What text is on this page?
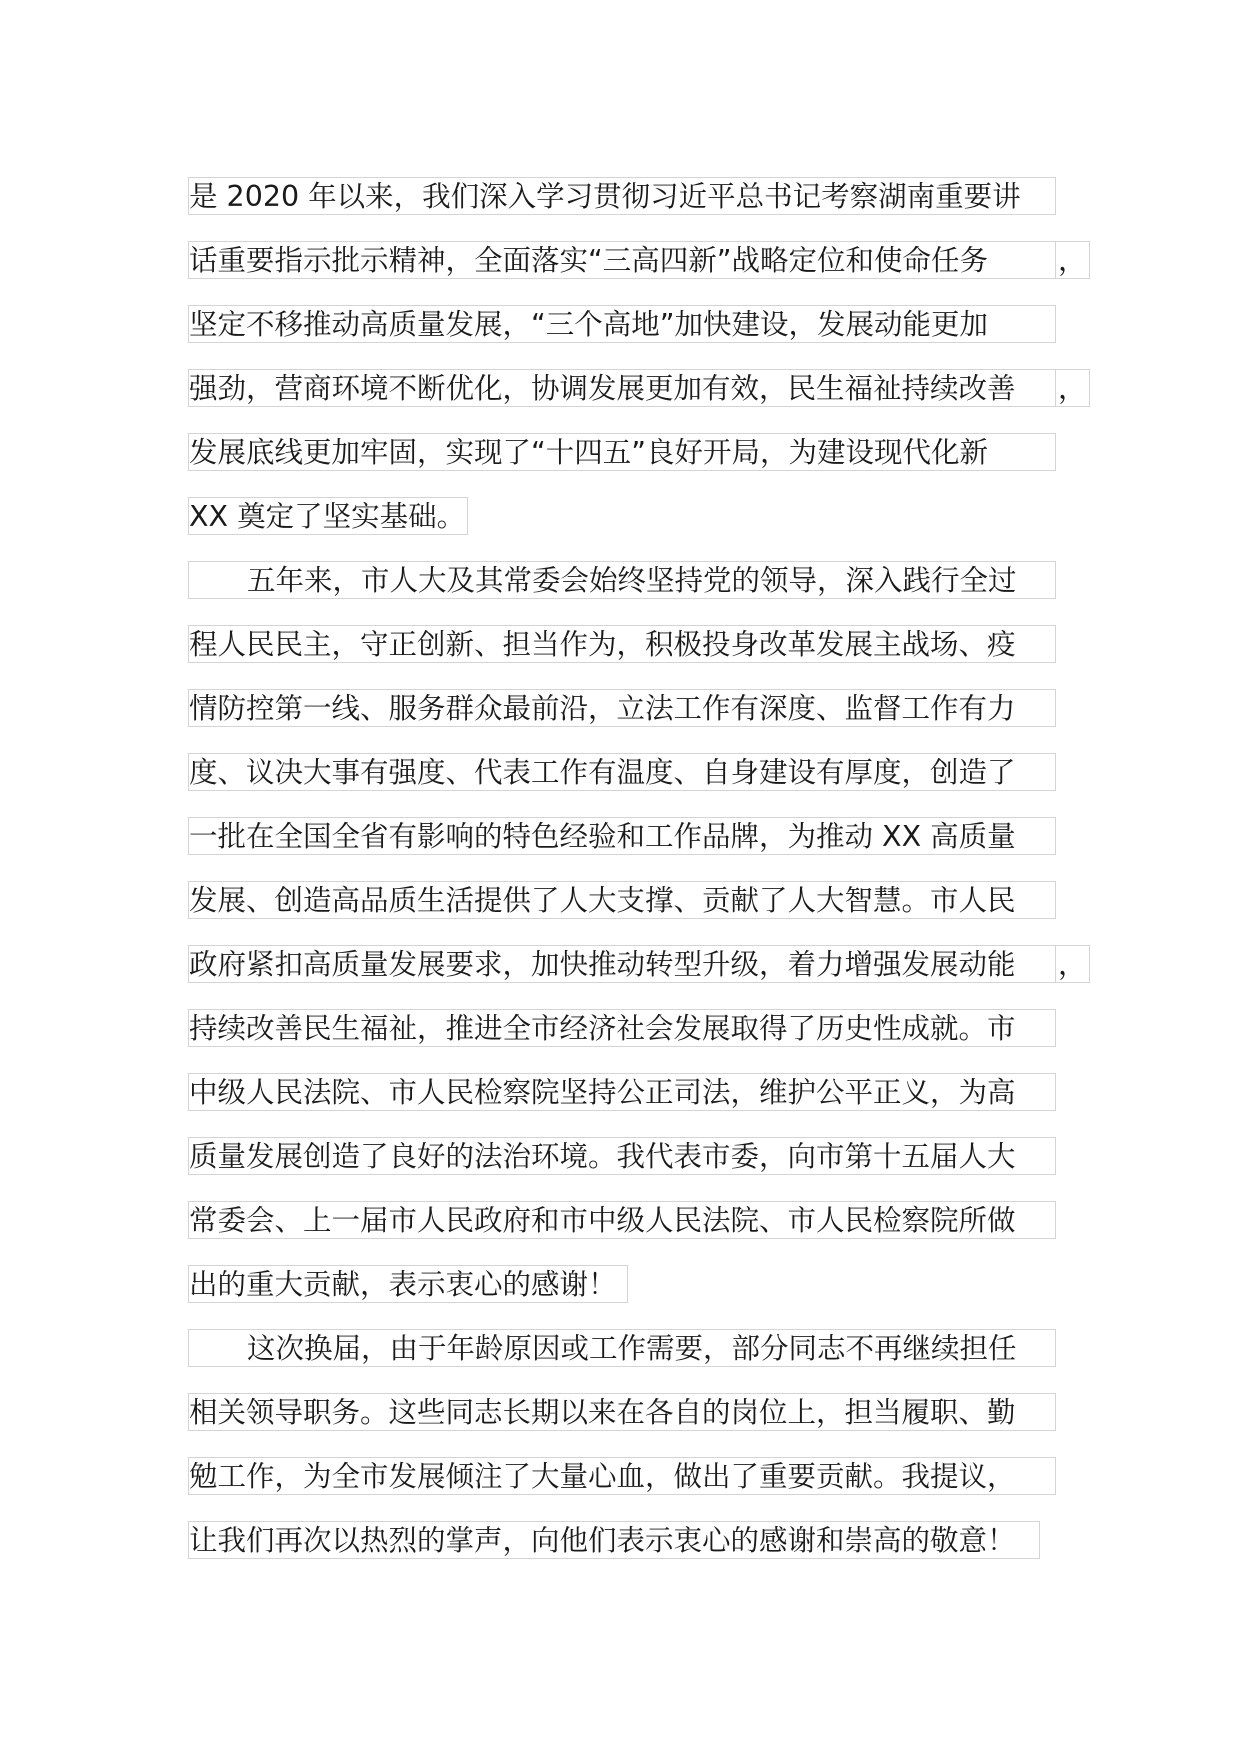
是 2020 年以来，我们深入学习贯彻习近平总书记考察湖南重要讲
话重要指示批示精神，全面落实“三高四新”战略定位和使命任务	，
坚定不移推动高质量发展，“三个高地”加快建设，发展动能更加
强劲，营商环境不断优化，协调发展更加有效，民生福祉持续改善	，
发展底线更加牢固，实现了“十四五”良好开局，为建设现代化新
XX 奠定了坚实基础。
五年来，市人大及其常委会始终坚持党的领导，深入践行全过
程人民民主，守正创新、担当作为，积极投身改革发展主战场、疫
情防控第一线、服务群众最前沿，立法工作有深度、监督工作有力
度、议决大事有强度、代表工作有温度、自身建设有厚度，创造了
一批在全国全省有影响的特色经验和工作品牌，为推动 XX 高质量
发展、创造高品质生活提供了人大支撑、贡献了人大智慧。市人民
政府紧扣高质量发展要求，加快推动转型升级，着力增强发展动能	，
持续改善民生福祉，推进全市经济社会发展取得了历史性成就。市
中级人民法院、市人民检察院坚持公正司法，维护公平正义，为高
质量发展创造了良好的法治环境。我代表市委，向市第十五届人大
常委会、上一届市人民政府和市中级人民法院、市人民检察院所做
出的重大贡献，表示衷心的感谢！
这次换届，由于年龄原因或工作需要，部分同志不再继续担任
相关领导职务。这些同志长期以来在各自的岗位上，担当履职、勤
勉工作，为全市发展倾注了大量心血，做出了重要贡献。我提议，
让我们再次以热烈的掌声，向他们表示衷心的感谢和崇高的敬意！
